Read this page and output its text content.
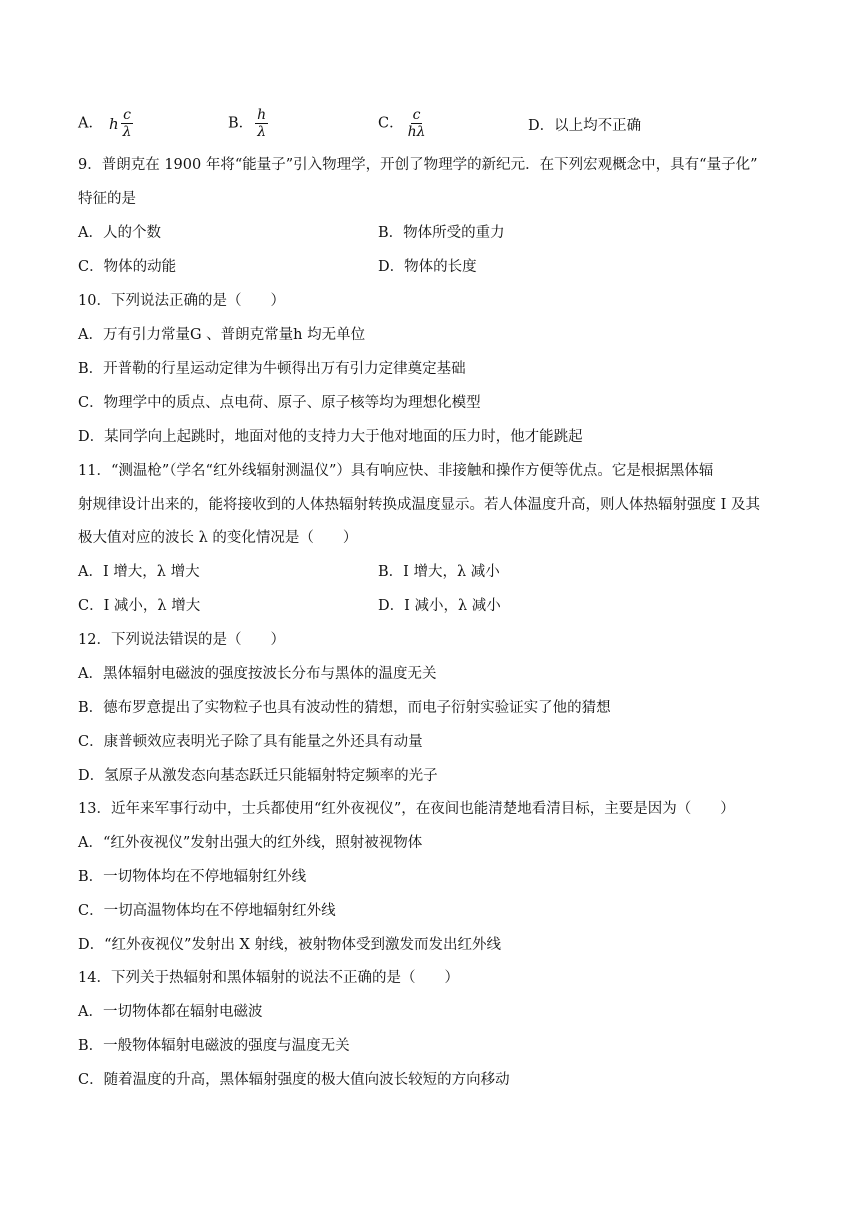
A． h $\frac{c}{\lambda}$	B． $\frac{h}{\lambda}$	C． $\frac{c}{h\lambda}$	D．以上均不正确
9．普朗克在 1900 年将“能量子”引入物理学，开创了物理学的新纪元．在下列宏观概念中，具有“量子化”
特征的是
A．人的个数	B．物体所受的重力
C．物体的动能	D．物体的长度
10．下列说法正确的是（　　）
A．万有引力常量G 、普朗克常量h 均无单位
B．开普勒的行星运动定律为牛顿得出万有引力定律奠定基础
C．物理学中的质点、点电荷、原子、原子核等均为理想化模型
D．某同学向上起跳时，地面对他的支持力大于他对地面的压力时，他才能跳起
11．“测温枪”（学名“红外线辐射测温仪”）具有响应快、非接触和操作方便等优点。它是根据黑体辐
射规律设计出来的，能将接收到的人体热辐射转换成温度显示。若人体温度升高，则人体热辐射强度 I 及其
极大值对应的波长 λ 的变化情况是（　　）
A．I 增大，λ 增大	B．I 增大，λ 减小
C．I 减小，λ 增大	D．I 减小，λ 减小
12．下列说法错误的是（　　）
A．黑体辐射电磁波的强度按波长分布与黑体的温度无关
B．德布罗意提出了实物粒子也具有波动性的猜想，而电子衍射实验证实了他的猜想
C．康普顿效应表明光子除了具有能量之外还具有动量
D．氢原子从激发态向基态跃迁只能辐射特定频率的光子
13．近年来军事行动中，士兵都使用“红外夜视仪”，在夜间也能清楚地看清目标，主要是因为（　　）
A．“红外夜视仪”发射出强大的红外线，照射被视物体
B．一切物体均在不停地辐射红外线
C．一切高温物体均在不停地辐射红外线
D．“红外夜视仪”发射出 X 射线，被射物体受到激发而发出红外线
14．下列关于热辐射和黑体辐射的说法不正确的是（　　）
A．一切物体都在辐射电磁波
B．一般物体辐射电磁波的强度与温度无关
C．随着温度的升高，黑体辐射强度的极大值向波长较短的方向移动
